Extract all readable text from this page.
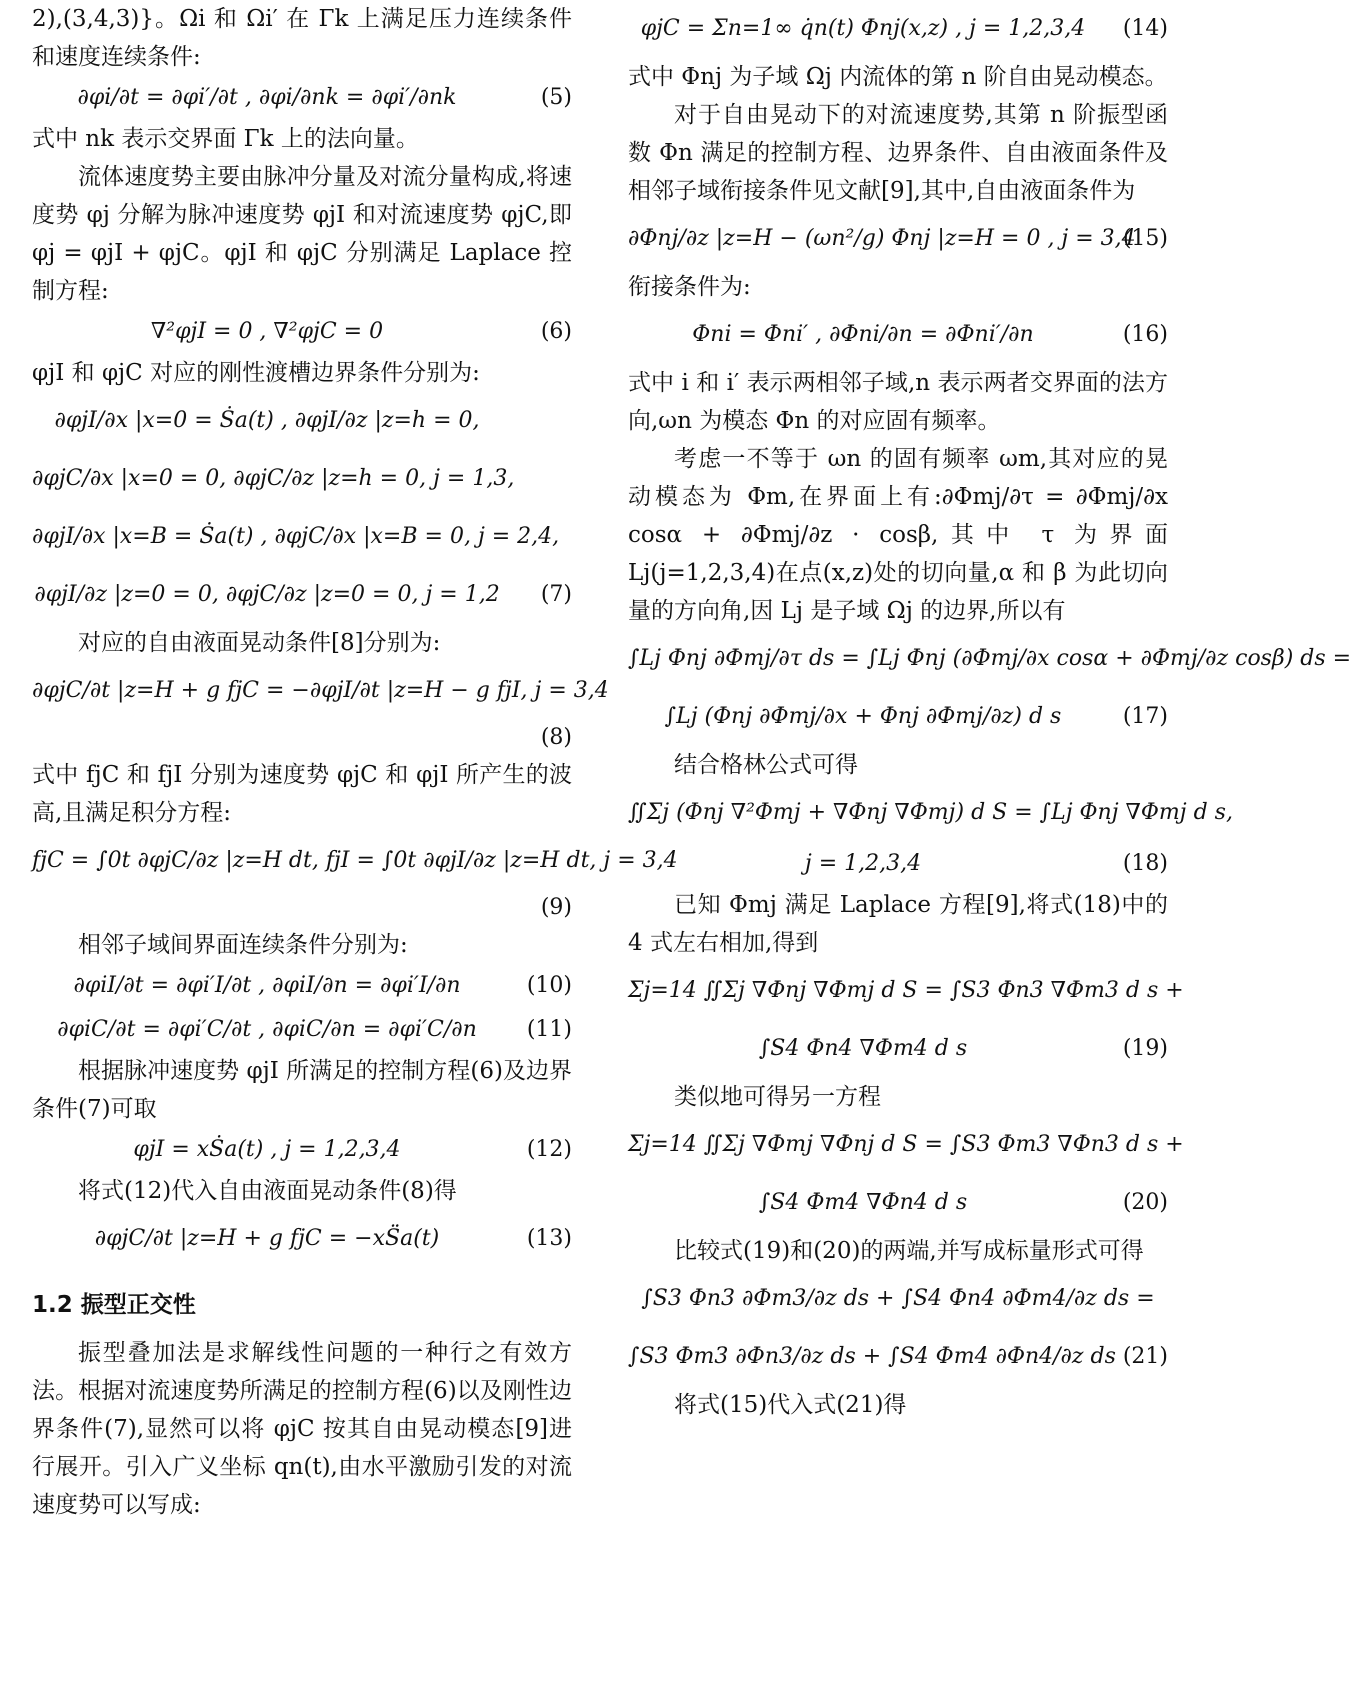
2),(3,4,3)}。Ωi 和 Ωi′ 在 Γk 上满足压力连续条件和速度连续条件:

∂φi/∂t = ∂φi′/∂t , ∂φi/∂nk = ∂φi′/∂nk	(5)

式中 nk 表示交界面 Γk 上的法向量。

流体速度势主要由脉冲分量及对流分量构成,将速度势 φj 分解为脉冲速度势 φjI 和对流速度势 φjC,即 φj = φjI + φjC。φjI 和 φjC 分别满足 Laplace 控制方程:

∇²φjI = 0 , ∇²φjC = 0	(6)

φjI 和 φjC 对应的刚性渡槽边界条件分别为:

∂φjI/∂x |x=0 = Ṡa(t) , ∂φjI/∂z |z=h = 0,
∂φjC/∂x |x=0 = 0, ∂φjC/∂z |z=h = 0, j = 1,3,
∂φjI/∂x |x=B = Ṡa(t) , ∂φjC/∂x |x=B = 0, j = 2,4,
∂φjI/∂z |z=0 = 0, ∂φjC/∂z |z=0 = 0, j = 1,2 (7)

对应的自由液面晃动条件[8]分别为:

∂φjC/∂t |z=H + g fjC = −∂φjI/∂t |z=H − g fjI, j = 3,4
(8)

式中 fjC 和 fjI 分别为速度势 φjC 和 φjI 所产生的波高,且满足积分方程:

fjC = ∫0t ∂φjC/∂z |z=H dt, fjI = ∫0t ∂φjI/∂z |z=H dt, j = 3,4
(9)

相邻子域间界面连续条件分别为:

∂φiI/∂t = ∂φi′I/∂t , ∂φiI/∂n = ∂φi′I/∂n	(10)
∂φiC/∂t = ∂φi′C/∂t , ∂φiC/∂n = ∂φi′C/∂n	(11)

根据脉冲速度势 φjI 所满足的控制方程(6)及边界条件(7)可取

φjI = xṠa(t) , j = 1,2,3,4	(12)

将式(12)代入自由液面晃动条件(8)得

∂φjC/∂t |z=H + g fjC = −xS̈a(t)	(13)
1.2 振型正交性

振型叠加法是求解线性问题的一种行之有效方法。根据对流速度势所满足的控制方程(6)以及刚性边界条件(7),显然可以将 φjC 按其自由晃动模态[9]进行展开。引入广义坐标 qn(t),由水平激励引发的对流速度势可以写成:

φjC = Σn=1∞ q̇n(t) Φnj(x,z) , j = 1,2,3,4	(14)

式中 Φnj 为子域 Ωj 内流体的第 n 阶自由晃动模态。

对于自由晃动下的对流速度势,其第 n 阶振型函数 Φn 满足的控制方程、边界条件、自由液面条件及相邻子域衔接条件见文献[9],其中,自由液面条件为

∂Φnj/∂z |z=H − (ωn²/g) Φnj |z=H = 0 , j = 3,4
(15)

衔接条件为:

Φni = Φni′ , ∂Φni/∂n = ∂Φni′/∂n	(16)

式中 i 和 i′ 表示两相邻子域,n 表示两者交界面的法方向,ωn 为模态 Φn 的对应固有频率。

考虑一不等于 ωn 的固有频率 ωm,其对应的晃动模态为 Φm,在界面上有:∂Φmj/∂τ = ∂Φmj/∂x cosα + ∂Φmj/∂z · cosβ,其中 τ 为界面 Lj(j=1,2,3,4)在点(x,z)处的切向量,α 和 β 为此切向量的方向角,因 Lj 是子域 Ωj 的边界,所以有

∫Lj Φnj ∂Φmj/∂τ ds = ∫Lj Φnj (∂Φmj/∂x cosα + ∂Φmj/∂z cosβ) ds =
∫Lj (Φnj ∂Φmj/∂x + Φnj ∂Φmj/∂z) d s	(17)

结合格林公式可得

∬Σj (Φnj ∇²Φmj + ∇Φnj ∇Φmj) d S = ∫Lj Φnj ∇Φmj d s,
j = 1,2,3,4	(18)

已知 Φmj 满足 Laplace 方程[9],将式(18)中的 4 式左右相加,得到

Σj=14 ∬Σj ∇Φnj ∇Φmj d S = ∫S3 Φn3 ∇Φm3 d s +
∫S4 Φn4 ∇Φm4 d s	(19)

类似地可得另一方程

Σj=14 ∬Σj ∇Φmj ∇Φnj d S = ∫S3 Φm3 ∇Φn3 d s +
∫S4 Φm4 ∇Φn4 d s	(20)

比较式(19)和(20)的两端,并写成标量形式可得

∫S3 Φn3 ∂Φm3/∂z ds + ∫S4 Φn4 ∂Φm4/∂z ds =
∫S3 Φm3 ∂Φn3/∂z ds + ∫S4 Φm4 ∂Φn4/∂z ds (21)

将式(15)代入式(21)得
